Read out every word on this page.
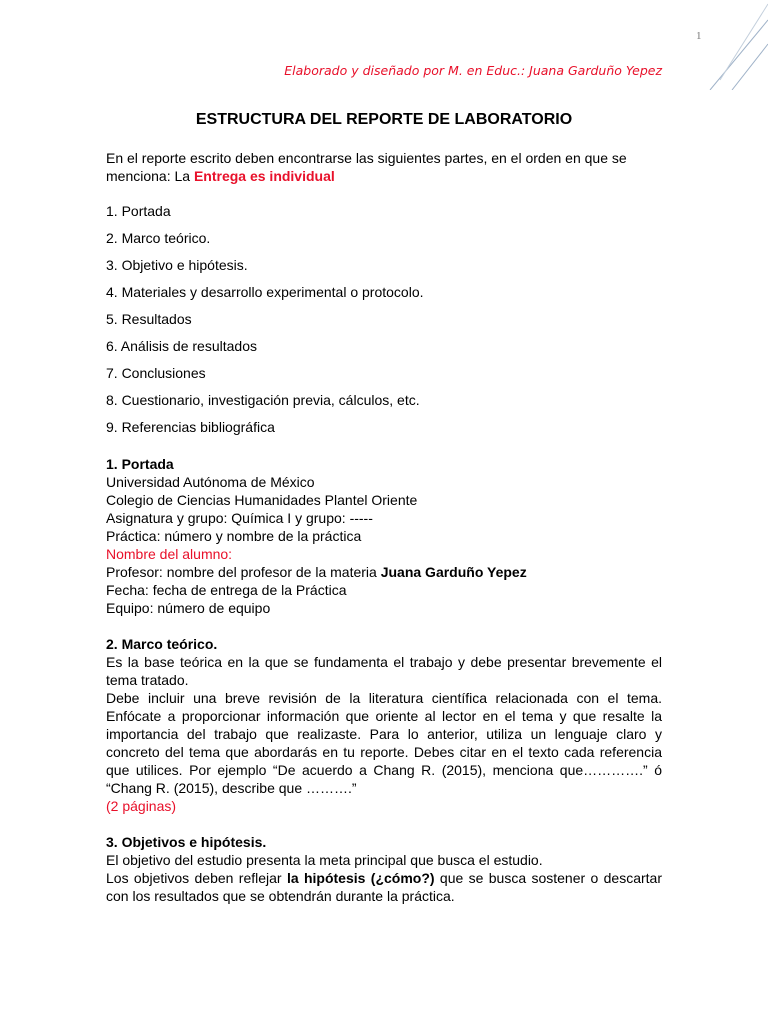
1
Elaborado y diseñado por M. en Educ.: Juana Garduño Yepez
ESTRUCTURA DEL REPORTE DE LABORATORIO

En el reporte escrito deben encontrarse las siguientes partes, en el orden en que se menciona: La Entrega es individual

1. Portada
2. Marco teórico.
3. Objetivo e hipótesis.
4. Materiales y desarrollo experimental o protocolo.
5. Resultados
6. Análisis de resultados
7. Conclusiones
8. Cuestionario, investigación previa, cálculos, etc.
9. Referencias bibliográfica

1. Portada

Universidad Autónoma de México

Colegio de Ciencias Humanidades Plantel Oriente

Asignatura y grupo: Química I y grupo: -----

Práctica: número y nombre de la práctica

Nombre del alumno:

Profesor: nombre del profesor de la materia Juana Garduño Yepez

Fecha: fecha de entrega de la Práctica

Equipo: número de equipo

2. Marco teórico.

Es la base teórica en la que se fundamenta el trabajo y debe presentar brevemente el tema tratado.

Debe incluir una breve revisión de la literatura científica relacionada con el tema. Enfócate a proporcionar información que oriente al lector en el tema y que resalte la importancia del trabajo que realizaste. Para lo anterior, utiliza un lenguaje claro y concreto del tema que abordarás en tu reporte. Debes citar en el texto cada referencia que utilices. Por ejemplo “De acuerdo a Chang R. (2015), menciona que………….” ó “Chang R. (2015), describe que ……….”

(2 páginas)

3. Objetivos e hipótesis.

El objetivo del estudio presenta la meta principal que busca el estudio.

Los objetivos deben reflejar la hipótesis (¿cómo?) que se busca sostener o descartar con los resultados que se obtendrán durante la práctica.
